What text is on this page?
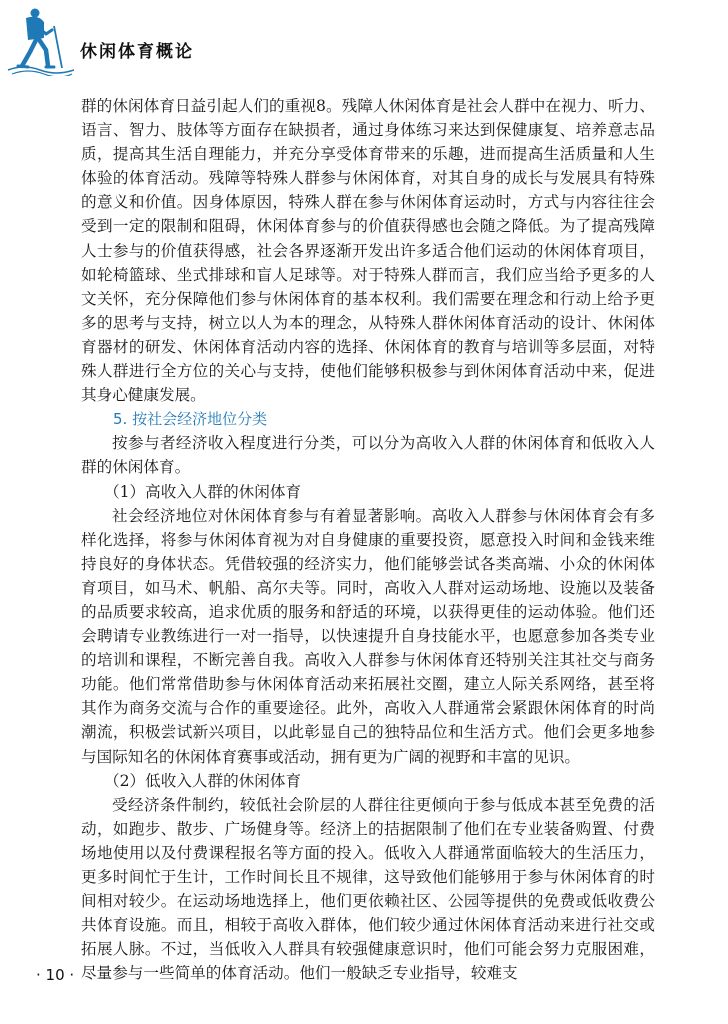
休闲体育概论

群的休闲体育日益引起人们的重视8。残障人休闲体育是社会人群中在视力、听力、语言、智力、肢体等方面存在缺损者，通过身体练习来达到保健康复、培养意志品质，提高其生活自理能力，并充分享受体育带来的乐趣，进而提高生活质量和人生体验的体育活动。残障等特殊人群参与休闲体育，对其自身的成长与发展具有特殊的意义和价值。因身体原因，特殊人群在参与休闲体育运动时，方式与内容往往会受到一定的限制和阻碍，休闲体育参与的价值获得感也会随之降低。为了提高残障人士参与的价值获得感，社会各界逐渐开发出许多适合他们运动的休闲体育项目，如轮椅篮球、坐式排球和盲人足球等。对于特殊人群而言，我们应当给予更多的人文关怀，充分保障他们参与休闲体育的基本权利。我们需要在理念和行动上给予更多的思考与支持，树立以人为本的理念，从特殊人群休闲体育活动的设计、休闲体育器材的研发、休闲体育活动内容的选择、休闲体育的教育与培训等多层面，对特殊人群进行全方位的关心与支持，使他们能够积极参与到休闲体育活动中来，促进其身心健康发展。

5. 按社会经济地位分类

按参与者经济收入程度进行分类，可以分为高收入人群的休闲体育和低收入人群的休闲体育。

（1）高收入人群的休闲体育

社会经济地位对休闲体育参与有着显著影响。高收入人群参与休闲体育会有多样化选择，将参与休闲体育视为对自身健康的重要投资，愿意投入时间和金钱来维持良好的身体状态。凭借较强的经济实力，他们能够尝试各类高端、小众的休闲体育项目，如马术、帆船、高尔夫等。同时，高收入人群对运动场地、设施以及装备的品质要求较高，追求优质的服务和舒适的环境，以获得更佳的运动体验。他们还会聘请专业教练进行一对一指导，以快速提升自身技能水平，也愿意参加各类专业的培训和课程，不断完善自我。高收入人群参与休闲体育还特别关注其社交与商务功能。他们常常借助参与休闲体育活动来拓展社交圈，建立人际关系网络，甚至将其作为商务交流与合作的重要途径。此外，高收入人群通常会紧跟休闲体育的时尚潮流，积极尝试新兴项目，以此彰显自己的独特品位和生活方式。他们会更多地参与国际知名的休闲体育赛事或活动，拥有更为广阔的视野和丰富的见识。

（2）低收入人群的休闲体育

受经济条件制约，较低社会阶层的人群往往更倾向于参与低成本甚至免费的活动，如跑步、散步、广场健身等。经济上的拮据限制了他们在专业装备购置、付费场地使用以及付费课程报名等方面的投入。低收入人群通常面临较大的生活压力，更多时间忙于生计，工作时间长且不规律，这导致他们能够用于参与休闲体育的时间相对较少。在运动场地选择上，他们更依赖社区、公园等提供的免费或低收费公共体育设施。而且，相较于高收入群体，他们较少通过休闲体育活动来进行社交或拓展人脉。不过，当低收入人群具有较强健康意识时，他们可能会努力克服困难，尽量参与一些简单的体育活动。他们一般缺乏专业指导，较难支

· 10 ·
